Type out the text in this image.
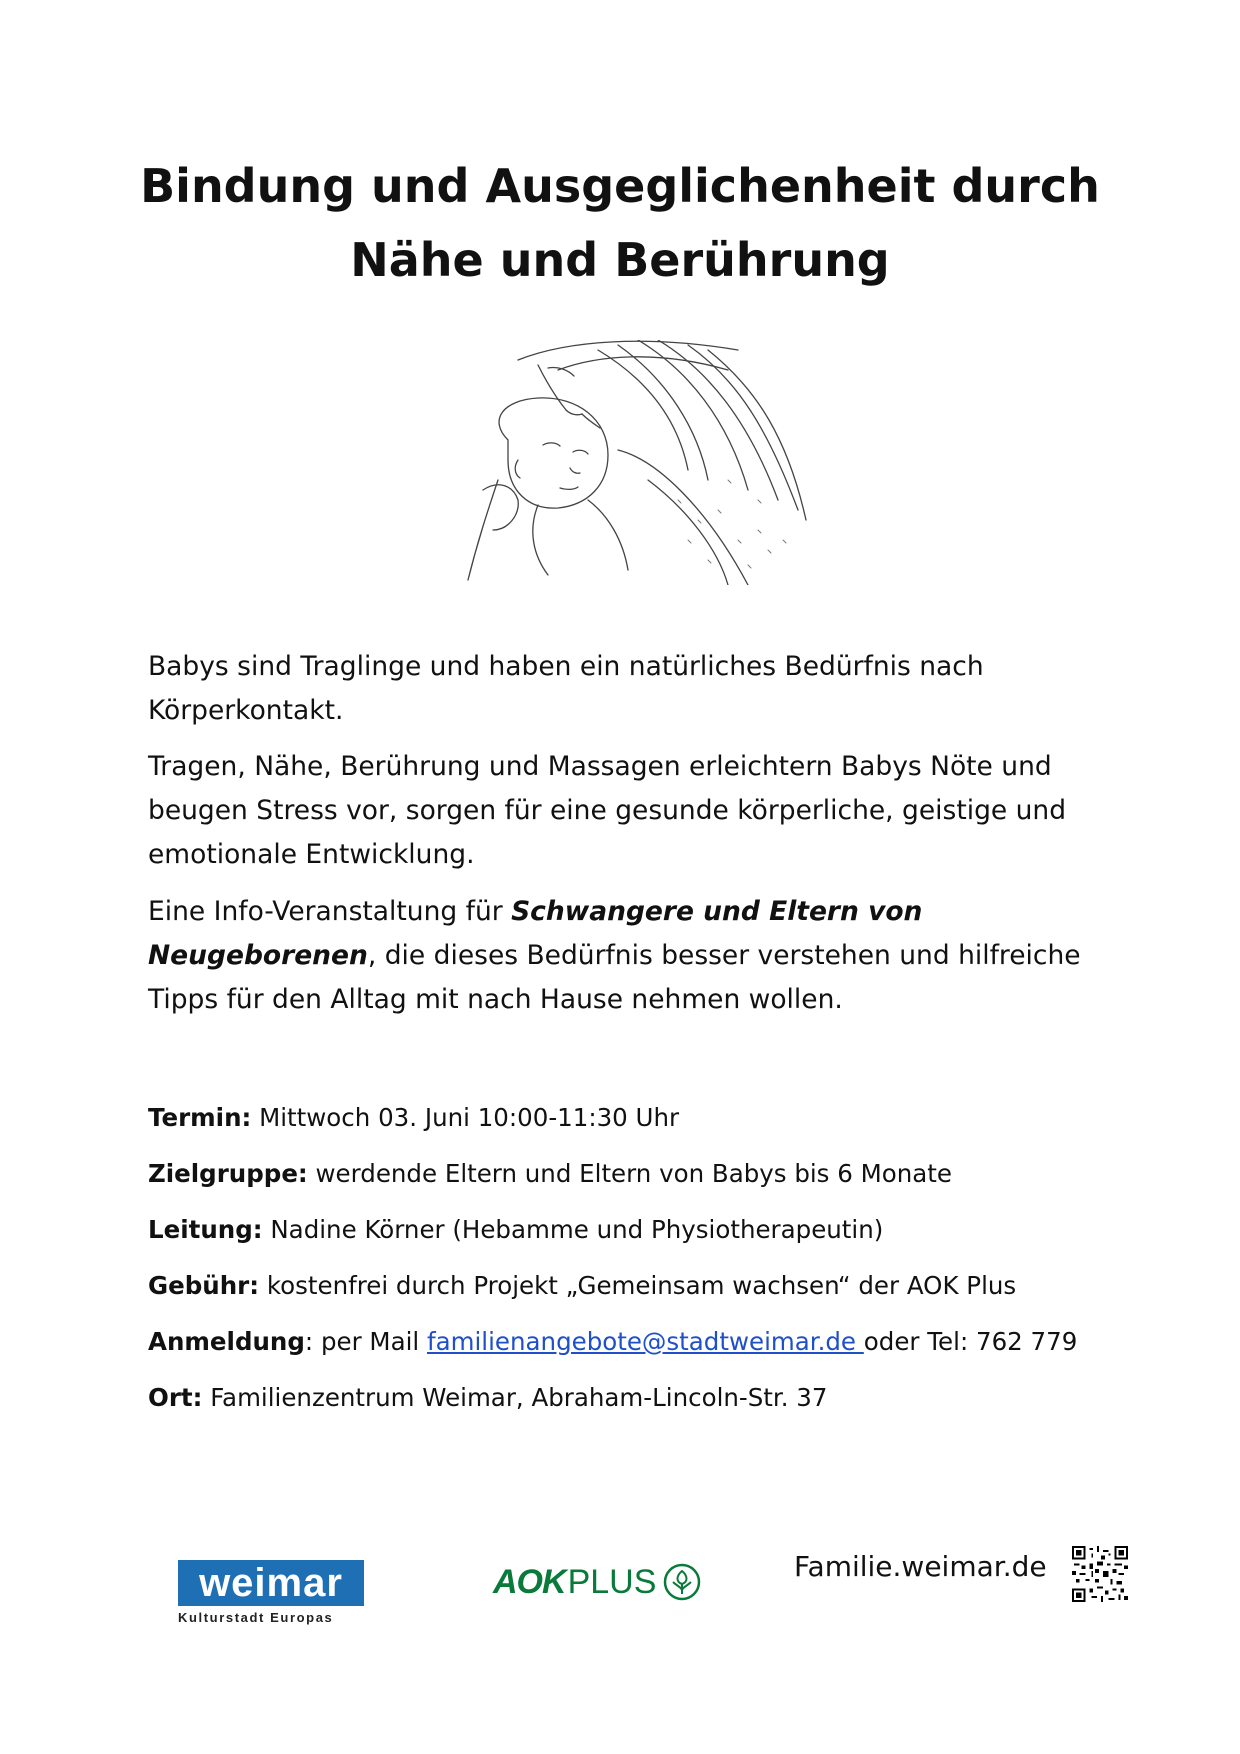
Bindung und Ausgeglichenheit durch
Nähe und Berührung
Babys sind Traglinge und haben ein natürliches Bedürfnis nach Körperkontakt.
Tragen, Nähe, Berührung und Massagen erleichtern Babys Nöte und beugen Stress vor, sorgen für eine gesunde körperliche, geistige und emotionale Entwicklung.
Eine Info-Veranstaltung für Schwangere und Eltern von Neugeborenen, die dieses Bedürfnis besser verstehen und hilfreiche Tipps für den Alltag mit nach Hause nehmen wollen.
Termin: Mittwoch 03. Juni 10:00-11:30 Uhr
Zielgruppe: werdende Eltern und Eltern von Babys bis 6 Monate
Leitung: Nadine Körner (Hebamme und Physiotherapeutin)
Gebühr: kostenfrei durch Projekt „Gemeinsam wachsen“ der AOK Plus
Anmeldung: per Mail familienangebote@stadtweimar.de oder Tel: 762 779
Ort: Familienzentrum Weimar, Abraham-Lincoln-Str. 37
weimar
Kulturstadt Europas
AOK PLUS	Familie.weimar.de
